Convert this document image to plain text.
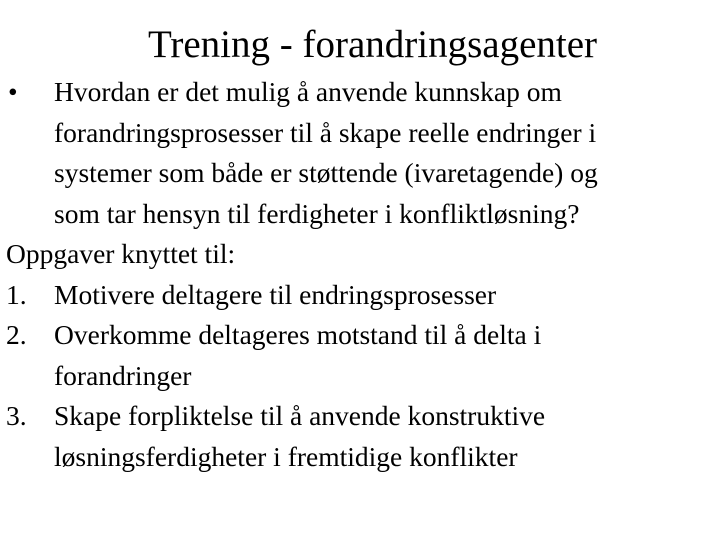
Trening - forandringsagenter
• Hvordan er det mulig å anvende kunnskap om
forandringsprosesser til å skape reelle endringer i
systemer som både er støttende (ivaretagende) og
som tar hensyn til ferdigheter i konfliktløsning?
Oppgaver knyttet til:
1. Motivere deltagere til endringsprosesser
2. Overkomme deltageres motstand til å delta i
forandringer
3. Skape forpliktelse til å anvende konstruktive
løsningsferdigheter i fremtidige konflikter
